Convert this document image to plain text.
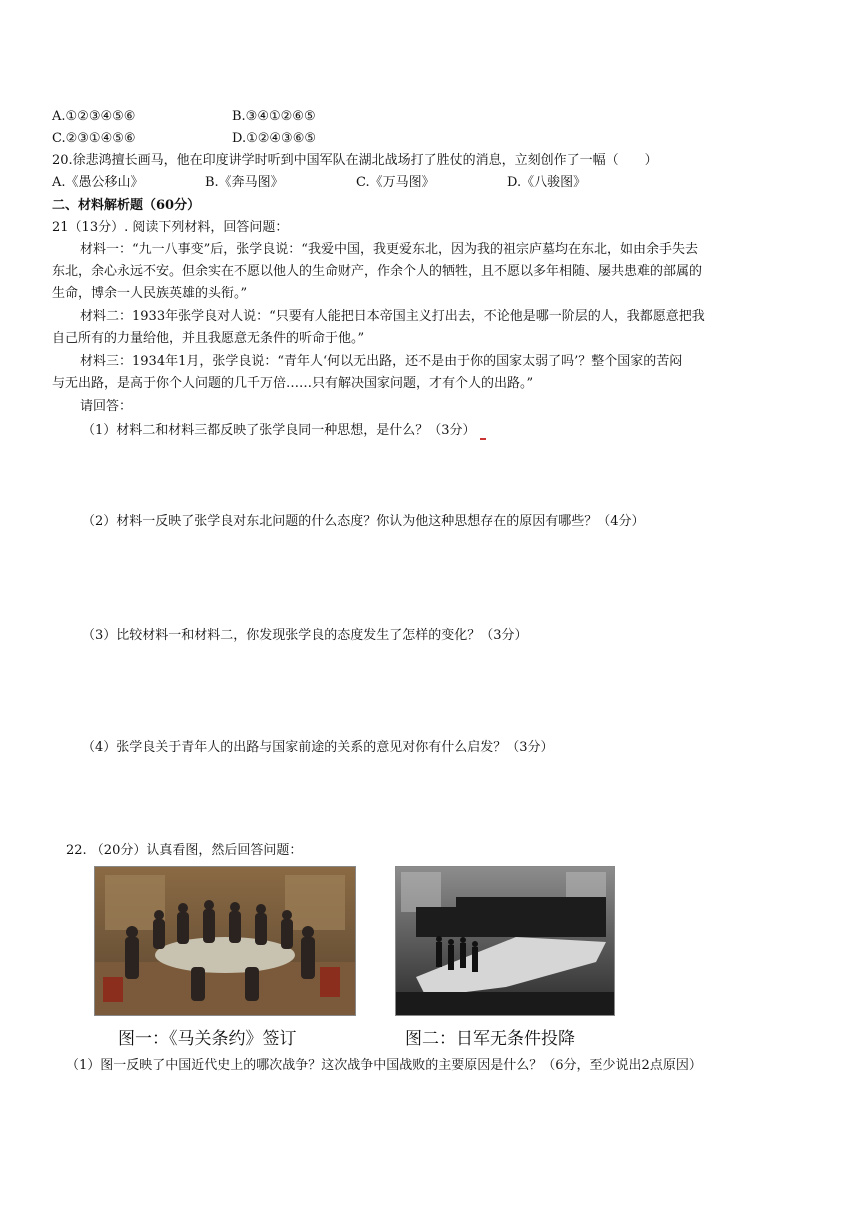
A.①②③④⑤⑥	B.③④①②⑥⑤
C.②③①④⑤⑥	D.①②④③⑥⑤
20.徐悲鸿擅长画马，他在印度讲学时听到中国军队在湖北战场打了胜仗的消息，立刻创作了一幅（　　）
A.《愚公移山》	B.《奔马图》	C.《万马图》	D.《八骏图》
二、材料解析题（60分）
21（13分）. 阅读下列材料，回答问题：
材料一：“九一八事变”后，张学良说：“我爱中国，我更爱东北，因为我的祖宗庐墓均在东北，如由余手失去
东北，余心永远不安。但余实在不愿以他人的生命财产，作余个人的牺牲，且不愿以多年相随、屡共患难的部属的
生命，博余一人民族英雄的头衔。”
材料二：1933年张学良对人说：“只要有人能把日本帝国主义打出去，不论他是哪一阶层的人，我都愿意把我
自己所有的力量给他，并且我愿意无条件的听命于他。”
材料三：1934年1月，张学良说：“青年人‘何以无出路，还不是由于你的国家太弱了吗’？整个国家的苦闷
与无出路，是高于你个人问题的几千万倍……只有解决国家问题，才有个人的出路。”
请回答：
（1）材料二和材料三都反映了张学良同一种思想，是什么？（3分）
（2）材料一反映了张学良对东北问题的什么态度？你认为他这种思想存在的原因有哪些？（4分）
（3）比较材料一和材料二，你发现张学良的态度发生了怎样的变化？（3分）
（4）张学良关于青年人的出路与国家前途的关系的意见对你有什么启发？（3分）
22. （20分）认真看图，然后回答问题：
图一：《马关条约》签订	图二：日军无条件投降
（1）图一反映了中国近代史上的哪次战争？这次战争中国战败的主要原因是什么？（6分，至少说出2点原因）
